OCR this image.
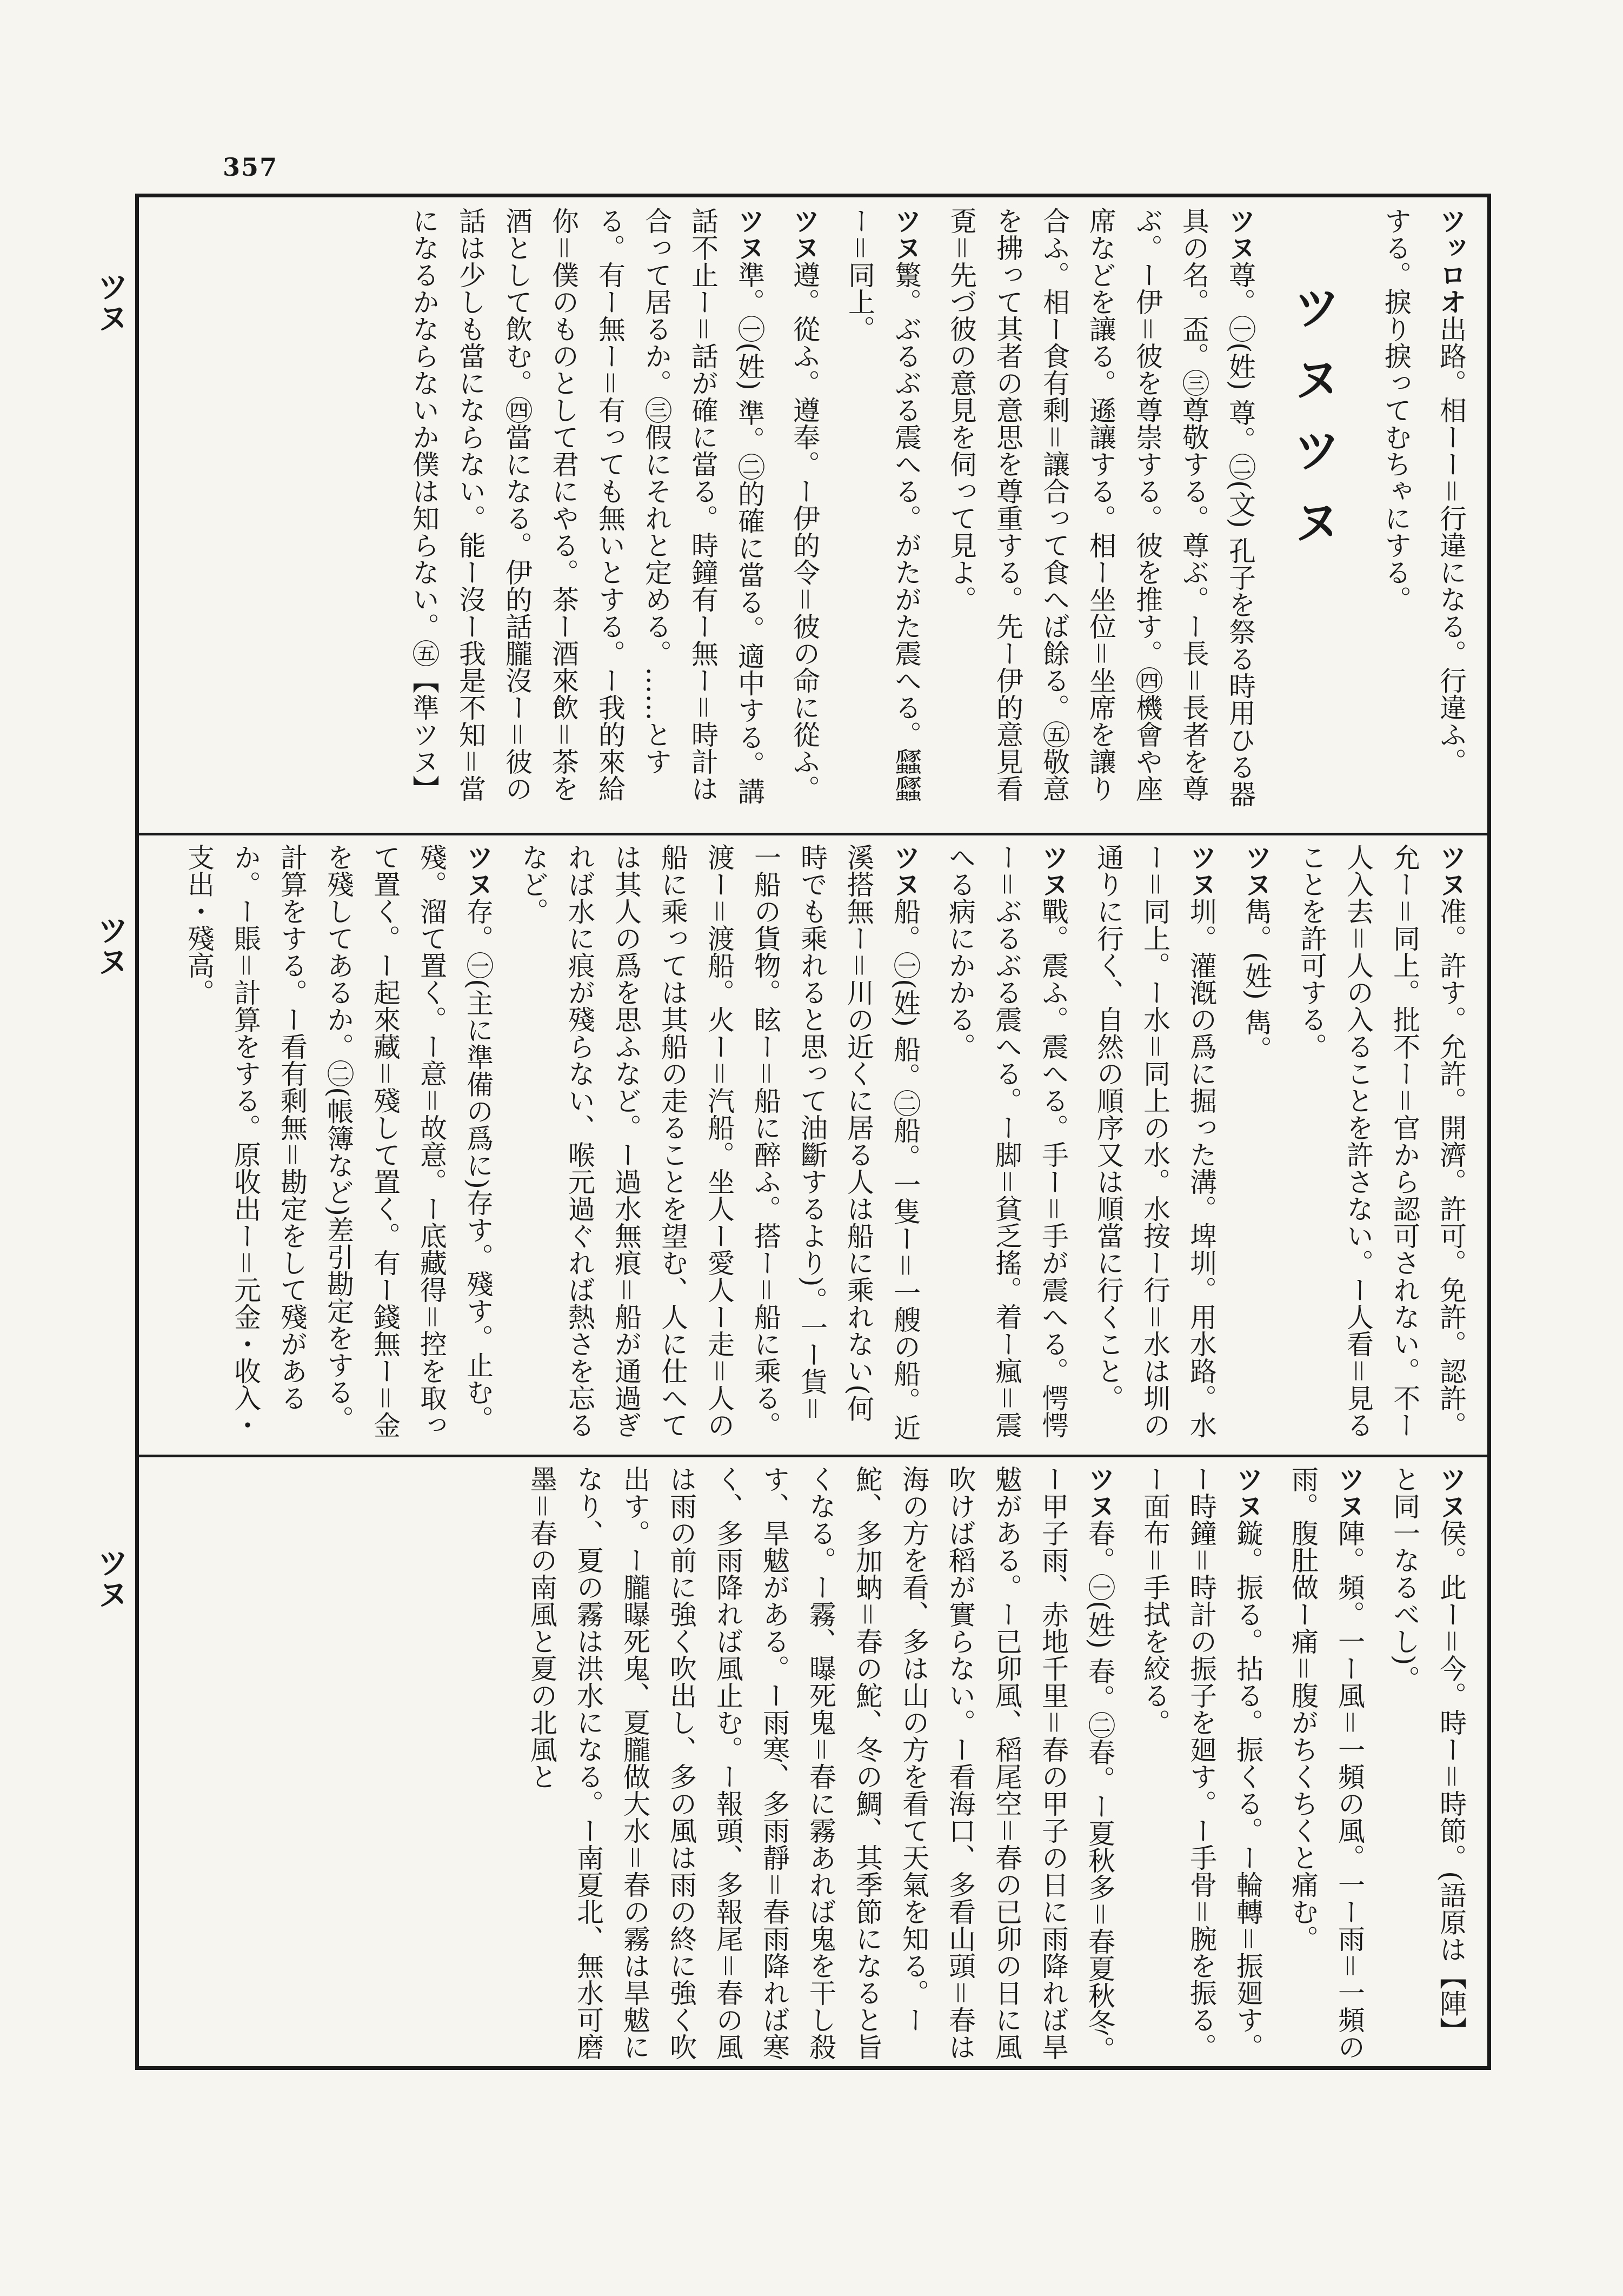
357
ツヌ
ツヌ
ツヌ
ツッロオ出路。相ーー＝行違になる。行違ふ。
する。捩り捩ってむちゃにする。
ツヌツヌ
ツヌ尊。㊀(姓) 尊。㊁(文) 孔子を祭る時用ひる器具の名。盃。㊂尊敬する。尊ぶ。ー長＝長者を尊ぶ。ー伊＝彼を尊崇する。彼を推す。㊃機會や座席などを讓る。遜讓する。相ー坐位＝坐席を讓り合ふ。相ー食有剩＝讓合って食へば餘る。㊄敬意を拂って其者の意思を尊重する。先ー伊的意見看覔＝先づ彼の意見を伺って見よ。
ツヌ瀪。ぶるぶる震へる。がたがた震へる。瓥瓥ー＝同上。
ツヌ遵。從ふ。遵奉。ー伊的令＝彼の命に從ふ。
ツヌ準。㊀(姓) 準。㊁的確に當る。適中する。講話不止ー＝話が確に當る。時鐘有ー無ー＝時計は合って居るか。㊂假にそれと定める。……とする。有ー無ー＝有っても無いとする。ー我的來給你＝僕のものとして君にやる。茶ー酒來飲＝茶を酒として飲む。㊃當になる。伊的話朧沒ー＝彼の話は少しも當にならない。能ー沒ー我是不知＝當になるかならないか僕は知らない。㊄【準ツヌ】
ツヌ准。許す。允許。開濟。許可。免許。認許。允ー＝同上。批不ー＝官から認可されない。不ー人入去＝人の入ることを許さない。ー人看＝見ることを許可する。
ツヌ雋。(姓) 雋。
ツヌ圳。灌漑の爲に掘った溝。埤圳。用水路。水ー＝同上。ー水＝同上の水。水按ー行＝水は圳の通りに行く、自然の順序又は順當に行くこと。
ツヌ戰。震ふ。震へる。手ー＝手が震へる。愕愕ー＝ぶるぶる震へる。ー脚＝貧乏搖。着ー瘋＝震へる病にかかる。
ツヌ船。㊀(姓) 船。㊁船。一隻ー＝一艘の船。近溪搭無ー＝川の近くに居る人は船に乘れない(何時でも乘れると思って油斷するより)。一ー貨＝一船の貨物。眩ー＝船に醉ふ。搭ー＝船に乘る。渡ー＝渡船。火ー＝汽船。坐人ー愛人ー走＝人の船に乘っては其船の走ることを望む、人に仕へては其人の爲を思ふなど。ー過水無痕＝船が通過ぎれば水に痕が殘らない、喉元過ぐれば熱さを忘るなど。
ツヌ存。㊀(主に準備の爲に)存す。殘す。止む。殘。溜て置く。ー意＝故意。ー底藏得＝控を取って置く。ー起來藏＝殘して置く。有ー錢無ー＝金を殘してあるか。㊁(帳簿など)差引勘定をする。計算をする。ー看有剩無＝勘定をして殘があるか。ー賬＝計算をする。原收出ー＝元金・收入・支出・殘高。
ツヌ侯。此ー＝今。時ー＝時節。(語原は【陣】と同一なるべし)。
ツヌ陣。頻。一ー風＝一頻の風。一ー雨＝一頻の雨。腹肚做ー痛＝腹がちくちくと痛む。
ツヌ鏇。振る。拈る。振くる。ー輪轉＝振廻す。ー時鐘＝時計の振子を廻す。ー手骨＝腕を振る。ー面布＝手拭を絞る。
ツヌ春。㊀(姓) 春。㊁春。ー夏秋多＝春夏秋冬。ー甲子雨、赤地千里＝春の甲子の日に雨降れば旱魃がある。ー已卯風、稻尾空＝春の已卯の日に風吹けば稻が實らない。ー看海口、多看山頭＝春は海の方を看、多は山の方を看て天氣を知る。ー鮀、多加蚋＝春の鮀、冬の鯛、其季節になると旨くなる。ー霧、曝死鬼＝春に霧あれば鬼を干し殺す、旱魃がある。ー雨寒、多雨靜＝春雨降れば寒く、多雨降れば風止む。ー報頭、多報尾＝春の風は雨の前に強く吹出し、多の風は雨の終に強く吹出す。ー朧曝死鬼、夏朧做大水＝春の霧は旱魃になり、夏の霧は洪水になる。ー南夏北、無水可磨墨＝春の南風と夏の北風と
